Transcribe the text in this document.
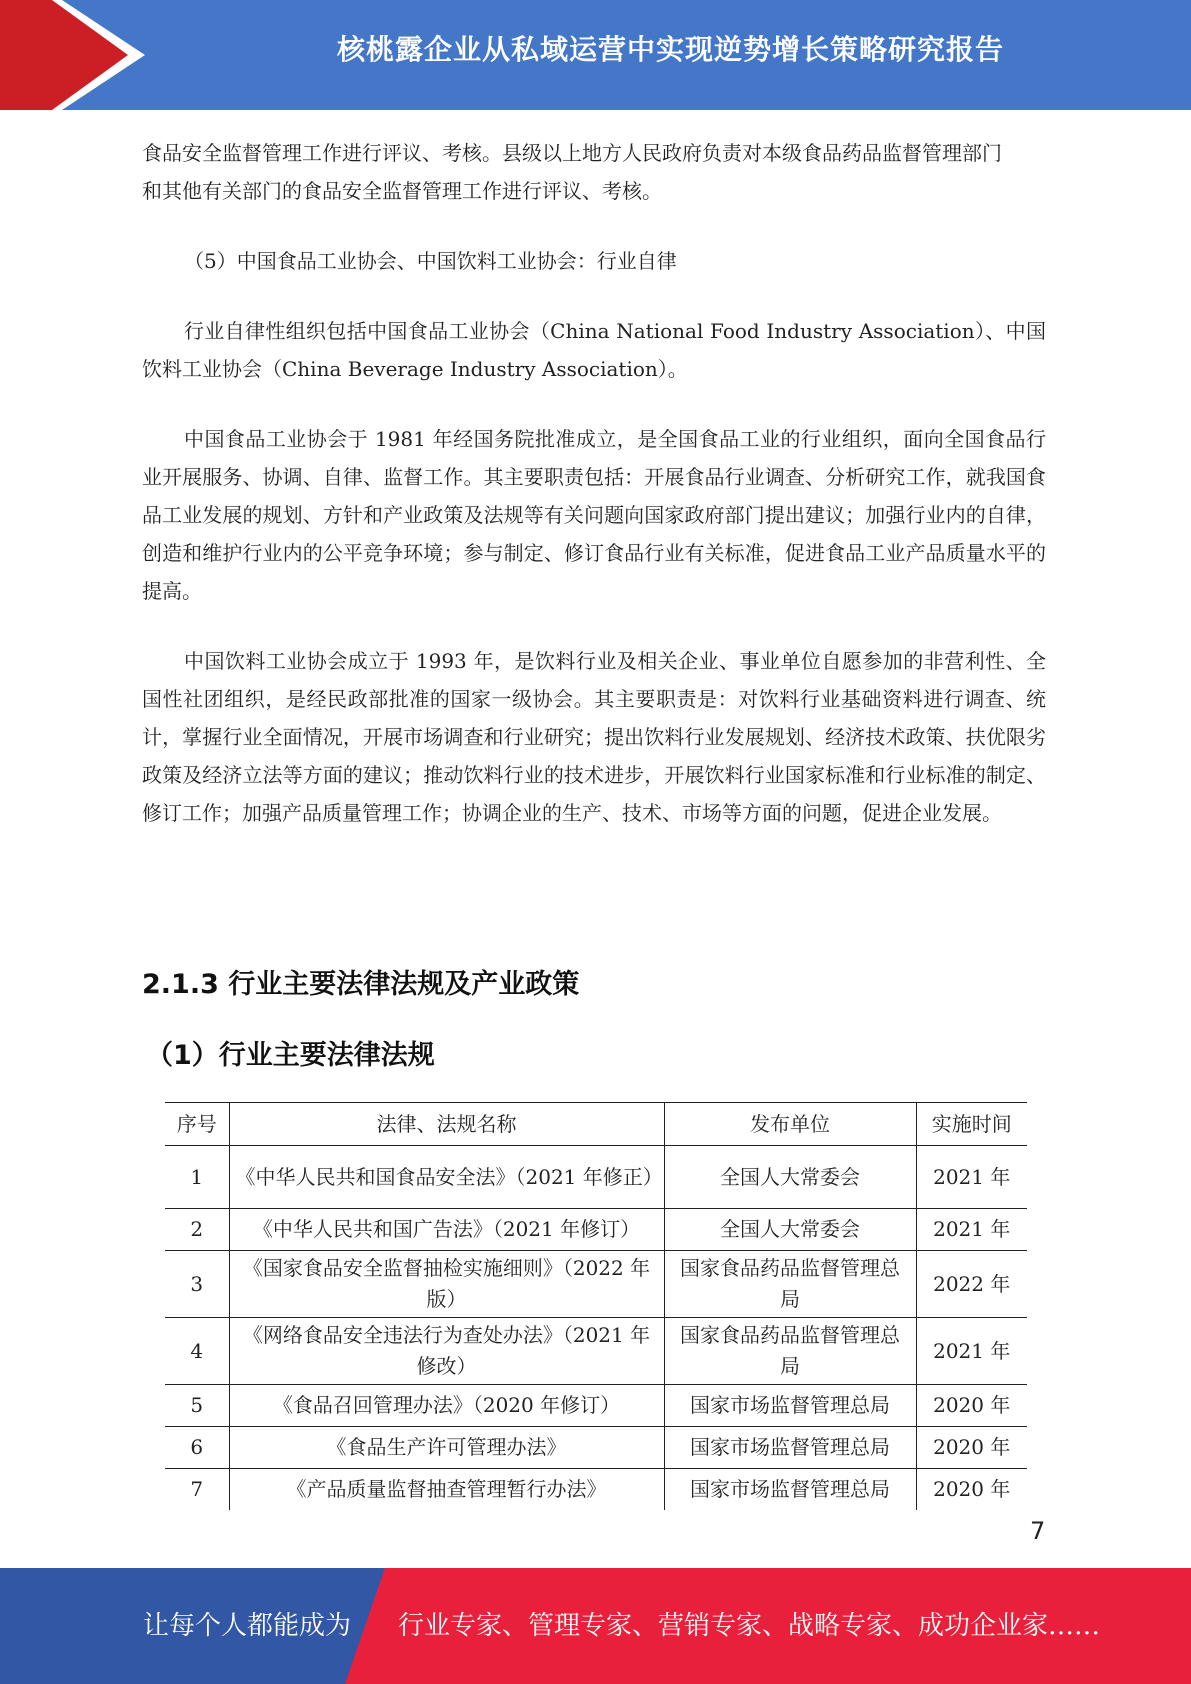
核桃露企业从私域运营中实现逆势增长策略研究报告

食品安全监督管理工作进行评议、考核。县级以上地方人民政府负责对本级食品药品监督管理部门
和其他有关部门的食品安全监督管理工作进行评议、考核。

（5）中国食品工业协会、中国饮料工业协会：行业自律

行业自律性组织包括中国食品工业协会（China National Food Industry Association）、中国饮料工业协会（China Beverage Industry Association）。

中国食品工业协会于 1981 年经国务院批准成立，是全国食品工业的行业组织，面向全国食品行业开展服务、协调、自律、监督工作。其主要职责包括：开展食品行业调查、分析研究工作，就我国食品工业发展的规划、方针和产业政策及法规等有关问题向国家政府部门提出建议；加强行业内的自律，创造和维护行业内的公平竞争环境；参与制定、修订食品行业有关标准，促进食品工业产品质量水平的提高。

中国饮料工业协会成立于 1993 年，是饮料行业及相关企业、事业单位自愿参加的非营利性、全国性社团组织，是经民政部批准的国家一级协会。其主要职责是：对饮料行业基础资料进行调查、统计，掌握行业全面情况，开展市场调查和行业研究；提出饮料行业发展规划、经济技术政策、扶优限劣政策及经济立法等方面的建议；推动饮料行业的技术进步，开展饮料行业国家标准和行业标准的制定、修订工作；加强产品质量管理工作；协调企业的生产、技术、市场等方面的问题，促进企业发展。

2.1.3 行业主要法律法规及产业政策
（1）行业主要法律法规
序号	法律、法规名称	发布单位	实施时间
1	《中华人民共和国食品安全法》（2021 年修正）	全国人大常委会	2021 年
2	《中华人民共和国广告法》（2021 年修订）	全国人大常委会	2021 年
3	《国家食品安全监督抽检实施细则》（2022 年版）	国家食品药品监督管理总局	2022 年
4	《网络食品安全违法行为查处办法》（2021 年修改）	国家食品药品监督管理总局	2021 年
5	《食品召回管理办法》（2020 年修订）	国家市场监督管理总局	2020 年
6	《食品生产许可管理办法》	国家市场监督管理总局	2020 年
7	《产品质量监督抽查管理暂行办法》	国家市场监督管理总局	2020 年
7
让每个人都能成为 行业专家、管理专家、营销专家、战略专家、成功企业家……
